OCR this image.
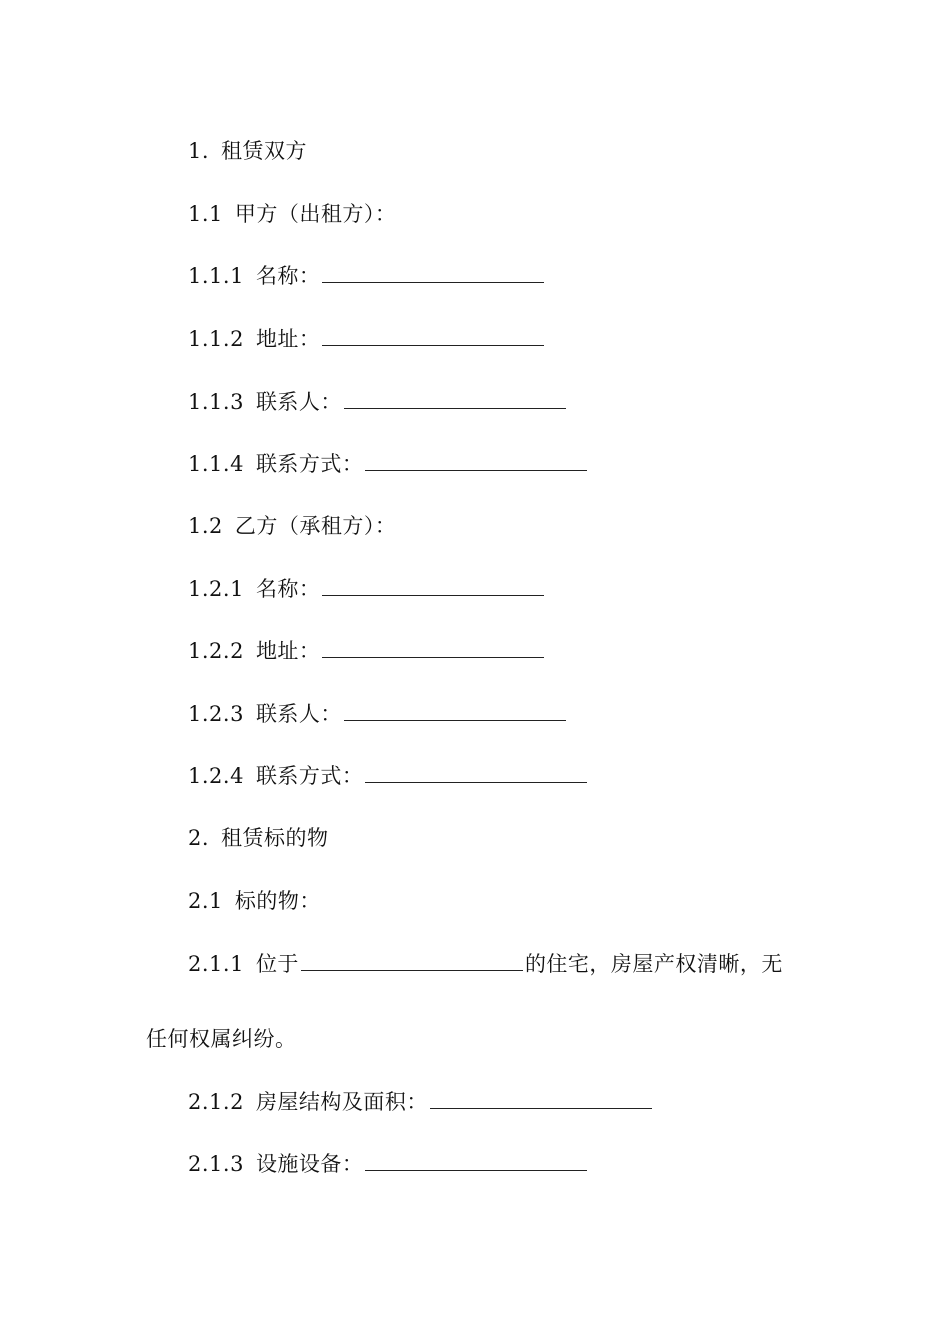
1. 租赁双方
1.1 甲方（出租方）：
1.1.1 名称：
1.1.2 地址：
1.1.3 联系人：
1.1.4 联系方式：
1.2 乙方（承租方）：
1.2.1 名称：
1.2.2 地址：
1.2.3 联系人：
1.2.4 联系方式：
2. 租赁标的物
2.1 标的物：
2.1.1 位于	的住宅，房屋产权清晰，无
任何权属纠纷。
2.1.2 房屋结构及面积：
2.1.3 设施设备：
